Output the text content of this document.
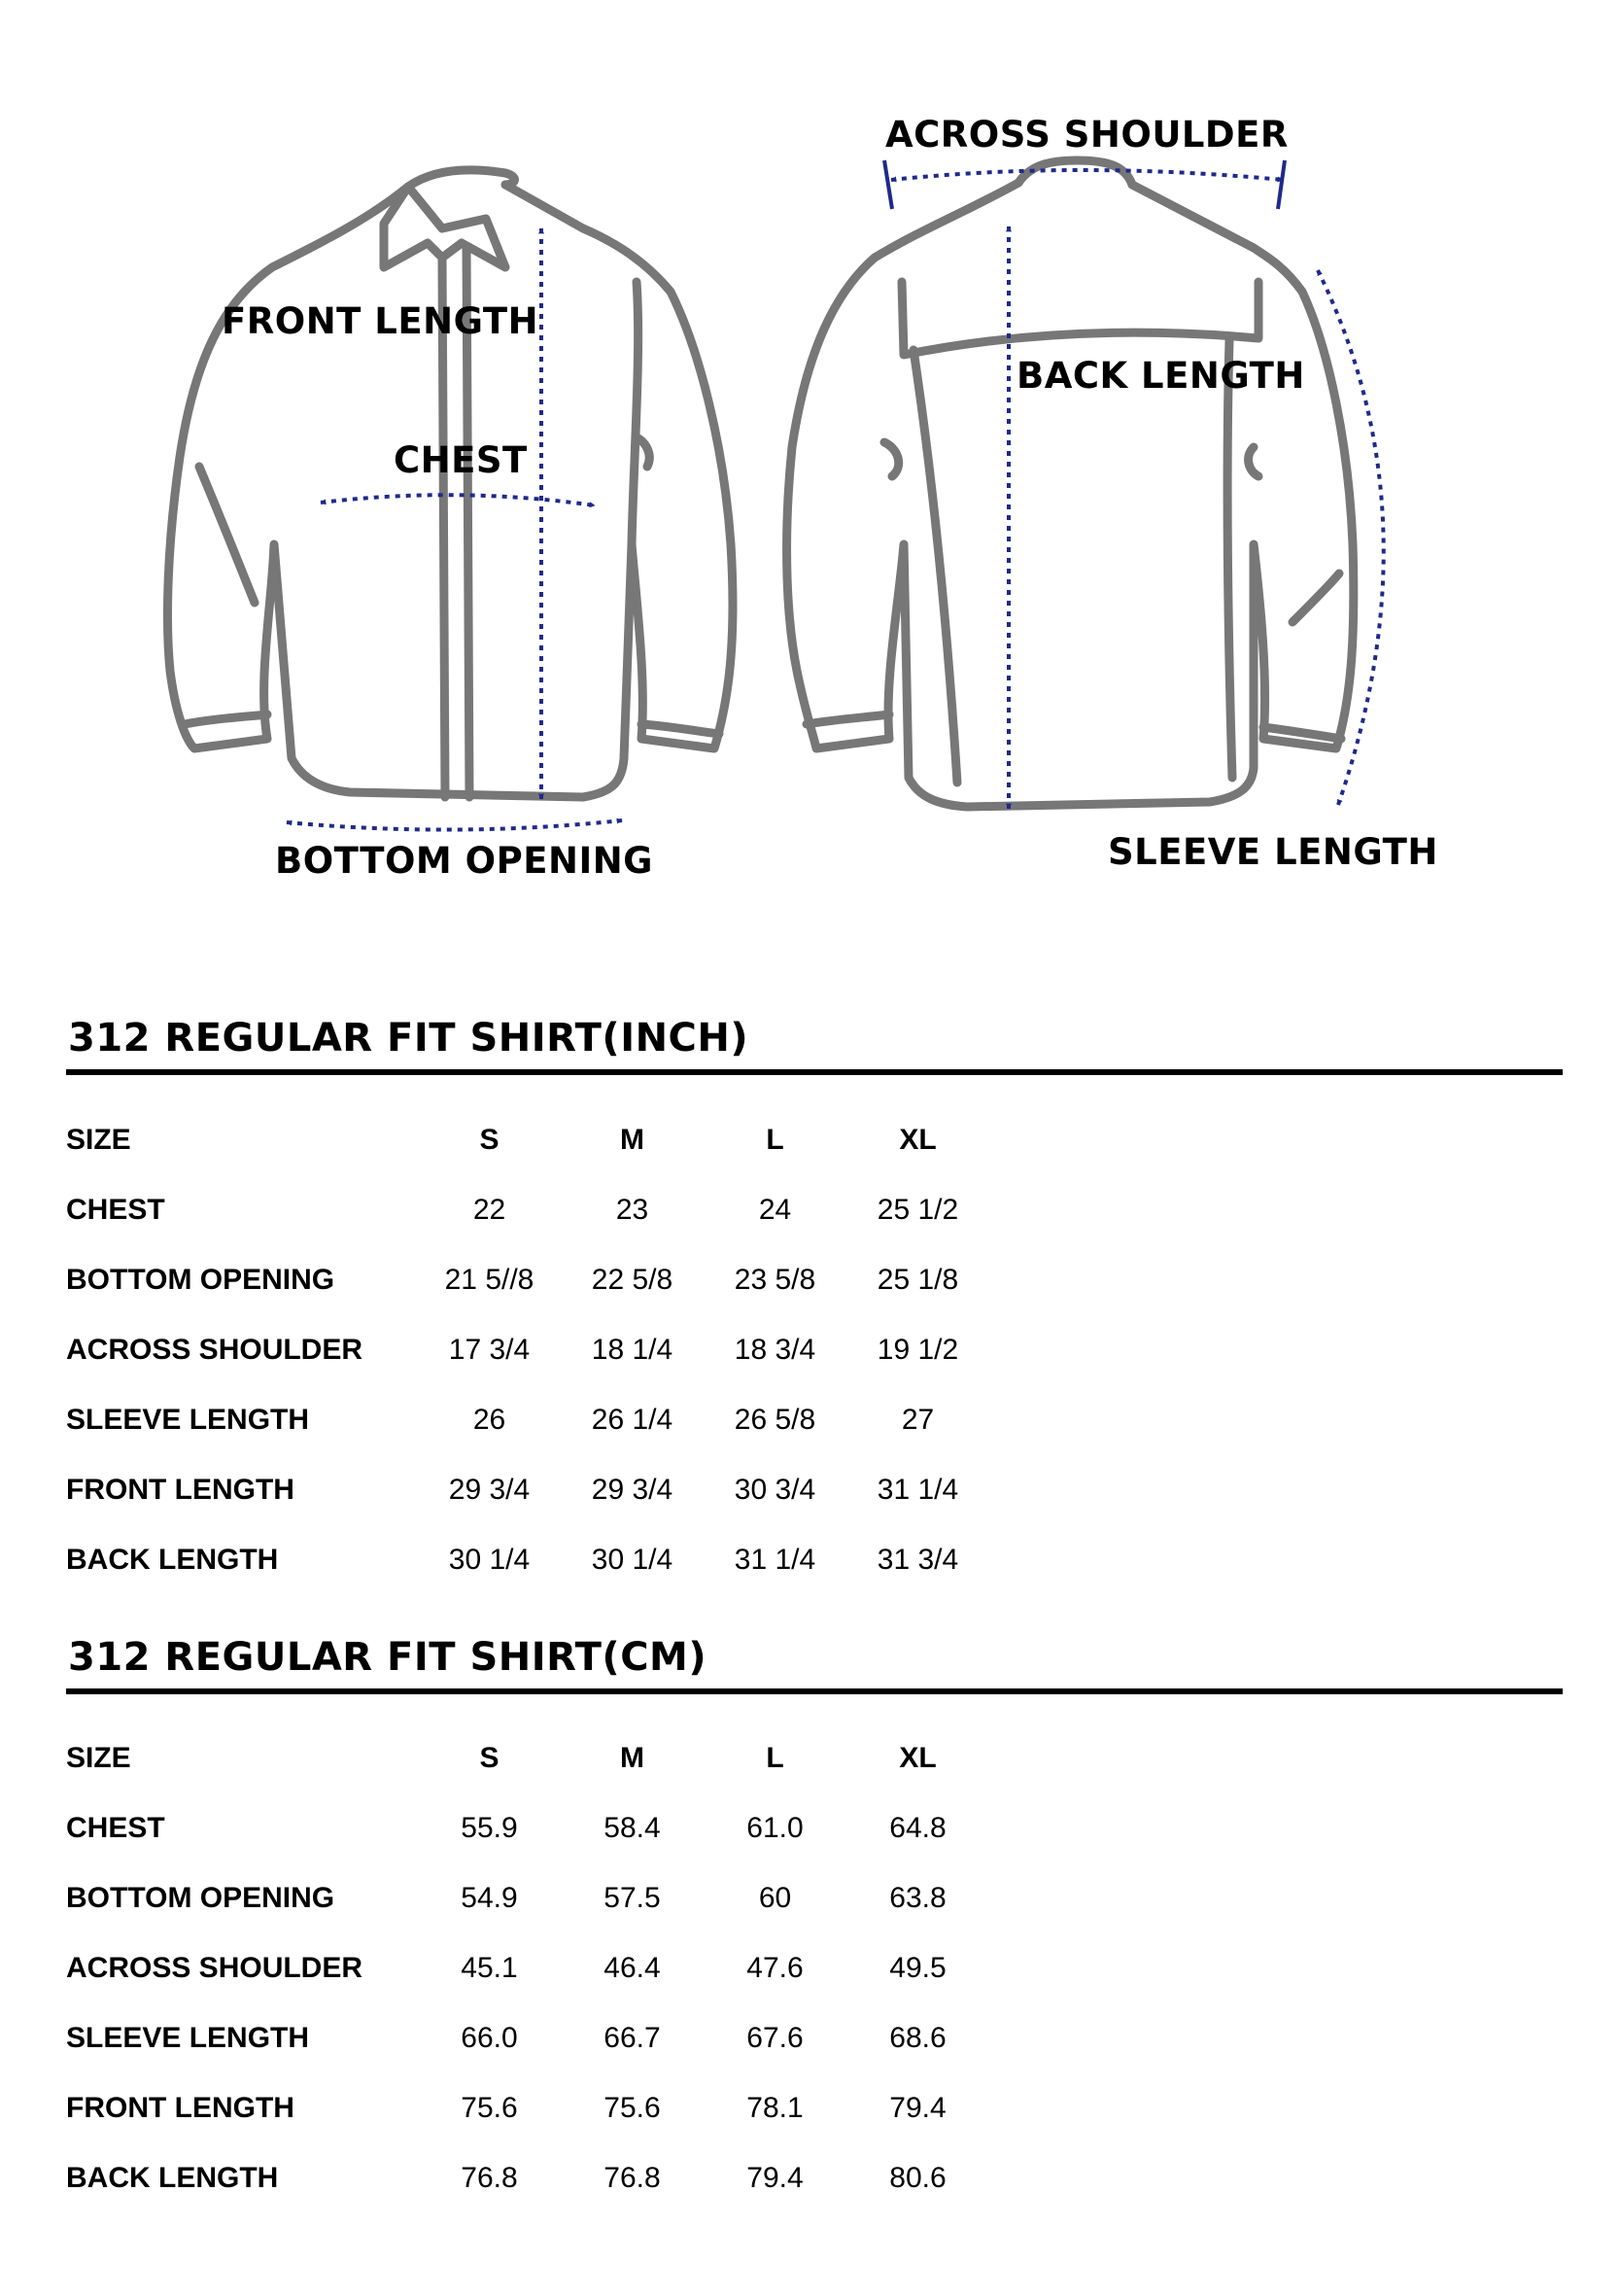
FRONT LENGTH
CHEST
BOTTOM OPENING
ACROSS SHOULDER
BACK LENGTH
SLEEVE LENGTH
312 REGULAR FIT SHIRT(INCH)
SIZE	S	M	L	XL
CHEST	22	23	24	25 1/2
BOTTOM OPENING	21 5//8	22 5/8	23 5/8	25 1/8
ACROSS SHOULDER	17 3/4	18 1/4	18 3/4	19 1/2
SLEEVE LENGTH	26	26 1/4	26 5/8	27
FRONT LENGTH	29 3/4	29 3/4	30 3/4	31 1/4
BACK LENGTH	30 1/4	30 1/4	31 1/4	31 3/4
312 REGULAR FIT SHIRT(CM)
SIZE	S	M	L	XL
CHEST	55.9	58.4	61.0	64.8
BOTTOM OPENING	54.9	57.5	60	63.8
ACROSS SHOULDER	45.1	46.4	47.6	49.5
SLEEVE LENGTH	66.0	66.7	67.6	68.6
FRONT LENGTH	75.6	75.6	78.1	79.4
BACK LENGTH	76.8	76.8	79.4	80.6
